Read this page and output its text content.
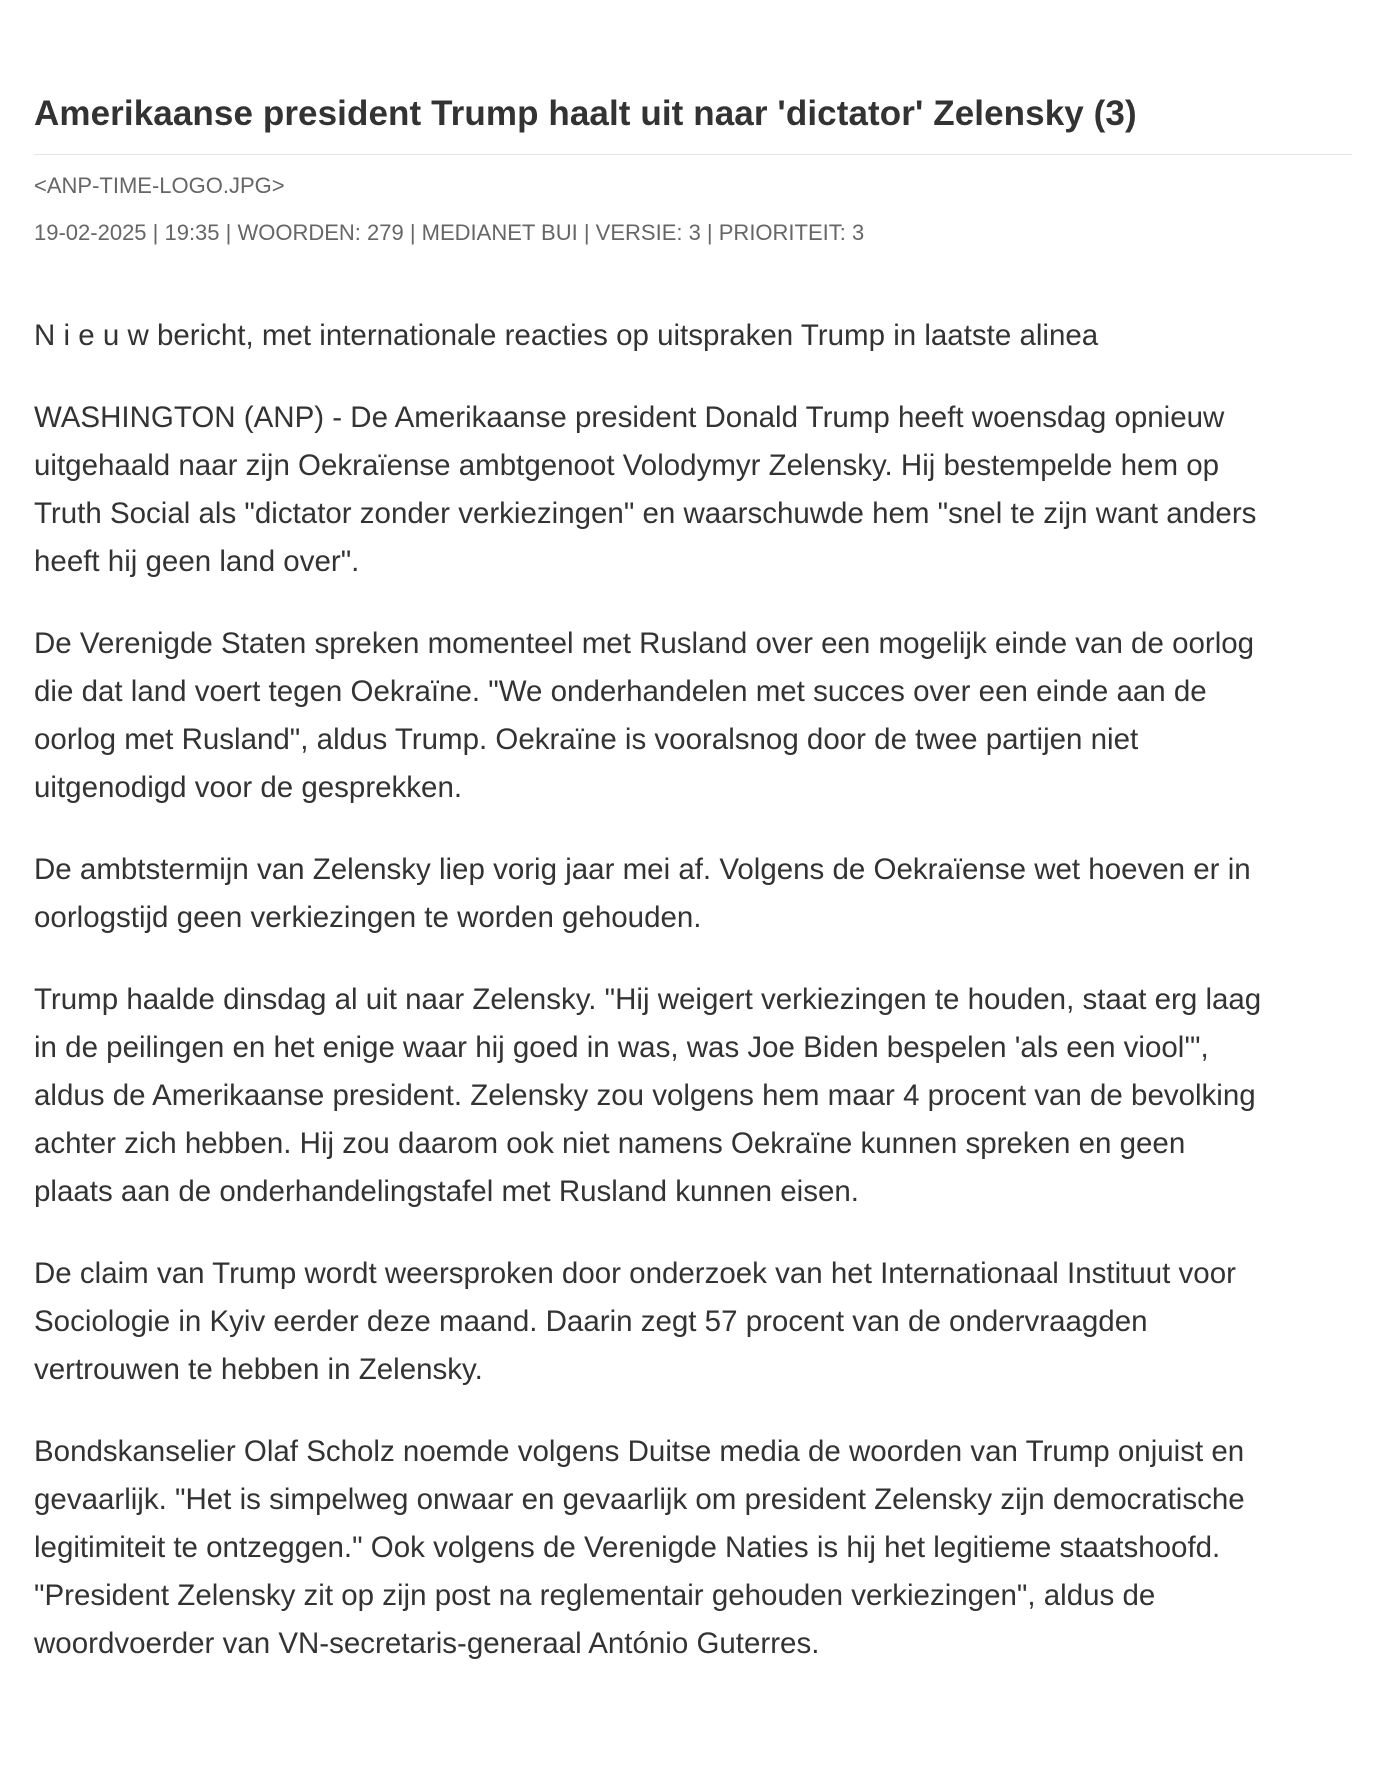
Amerikaanse president Trump haalt uit naar 'dictator' Zelensky (3)
<ANP-TIME-LOGO.JPG>
19-02-2025 | 19:35 | WOORDEN: 279 | MEDIANET BUI | VERSIE: 3 | PRIORITEIT: 3

N i e u w bericht, met internationale reacties op uitspraken Trump in laatste alinea

WASHINGTON (ANP) - De Amerikaanse president Donald Trump heeft woensdag opnieuw uitgehaald naar zijn Oekraïense ambtgenoot Volodymyr Zelensky. Hij bestempelde hem op Truth Social als "dictator zonder verkiezingen" en waarschuwde hem "snel te zijn want anders heeft hij geen land over".

De Verenigde Staten spreken momenteel met Rusland over een mogelijk einde van de oorlog die dat land voert tegen Oekraïne. "We onderhandelen met succes over een einde aan de oorlog met Rusland", aldus Trump. Oekraïne is vooralsnog door de twee partijen niet uitgenodigd voor de gesprekken.

De ambtstermijn van Zelensky liep vorig jaar mei af. Volgens de Oekraïense wet hoeven er in oorlogstijd geen verkiezingen te worden gehouden.

Trump haalde dinsdag al uit naar Zelensky. "Hij weigert verkiezingen te houden, staat erg laag in de peilingen en het enige waar hij goed in was, was Joe Biden bespelen 'als een viool'", aldus de Amerikaanse president. Zelensky zou volgens hem maar 4 procent van de bevolking achter zich hebben. Hij zou daarom ook niet namens Oekraïne kunnen spreken en geen plaats aan de onderhandelingstafel met Rusland kunnen eisen.

De claim van Trump wordt weersproken door onderzoek van het Internationaal Instituut voor Sociologie in Kyiv eerder deze maand. Daarin zegt 57 procent van de ondervraagden vertrouwen te hebben in Zelensky.

Bondskanselier Olaf Scholz noemde volgens Duitse media de woorden van Trump onjuist en gevaarlijk. "Het is simpelweg onwaar en gevaarlijk om president Zelensky zijn democratische legitimiteit te ontzeggen." Ook volgens de Verenigde Naties is hij het legitieme staatshoofd. "President Zelensky zit op zijn post na reglementair gehouden verkiezingen", aldus de woordvoerder van VN-secretaris-generaal António Guterres.
